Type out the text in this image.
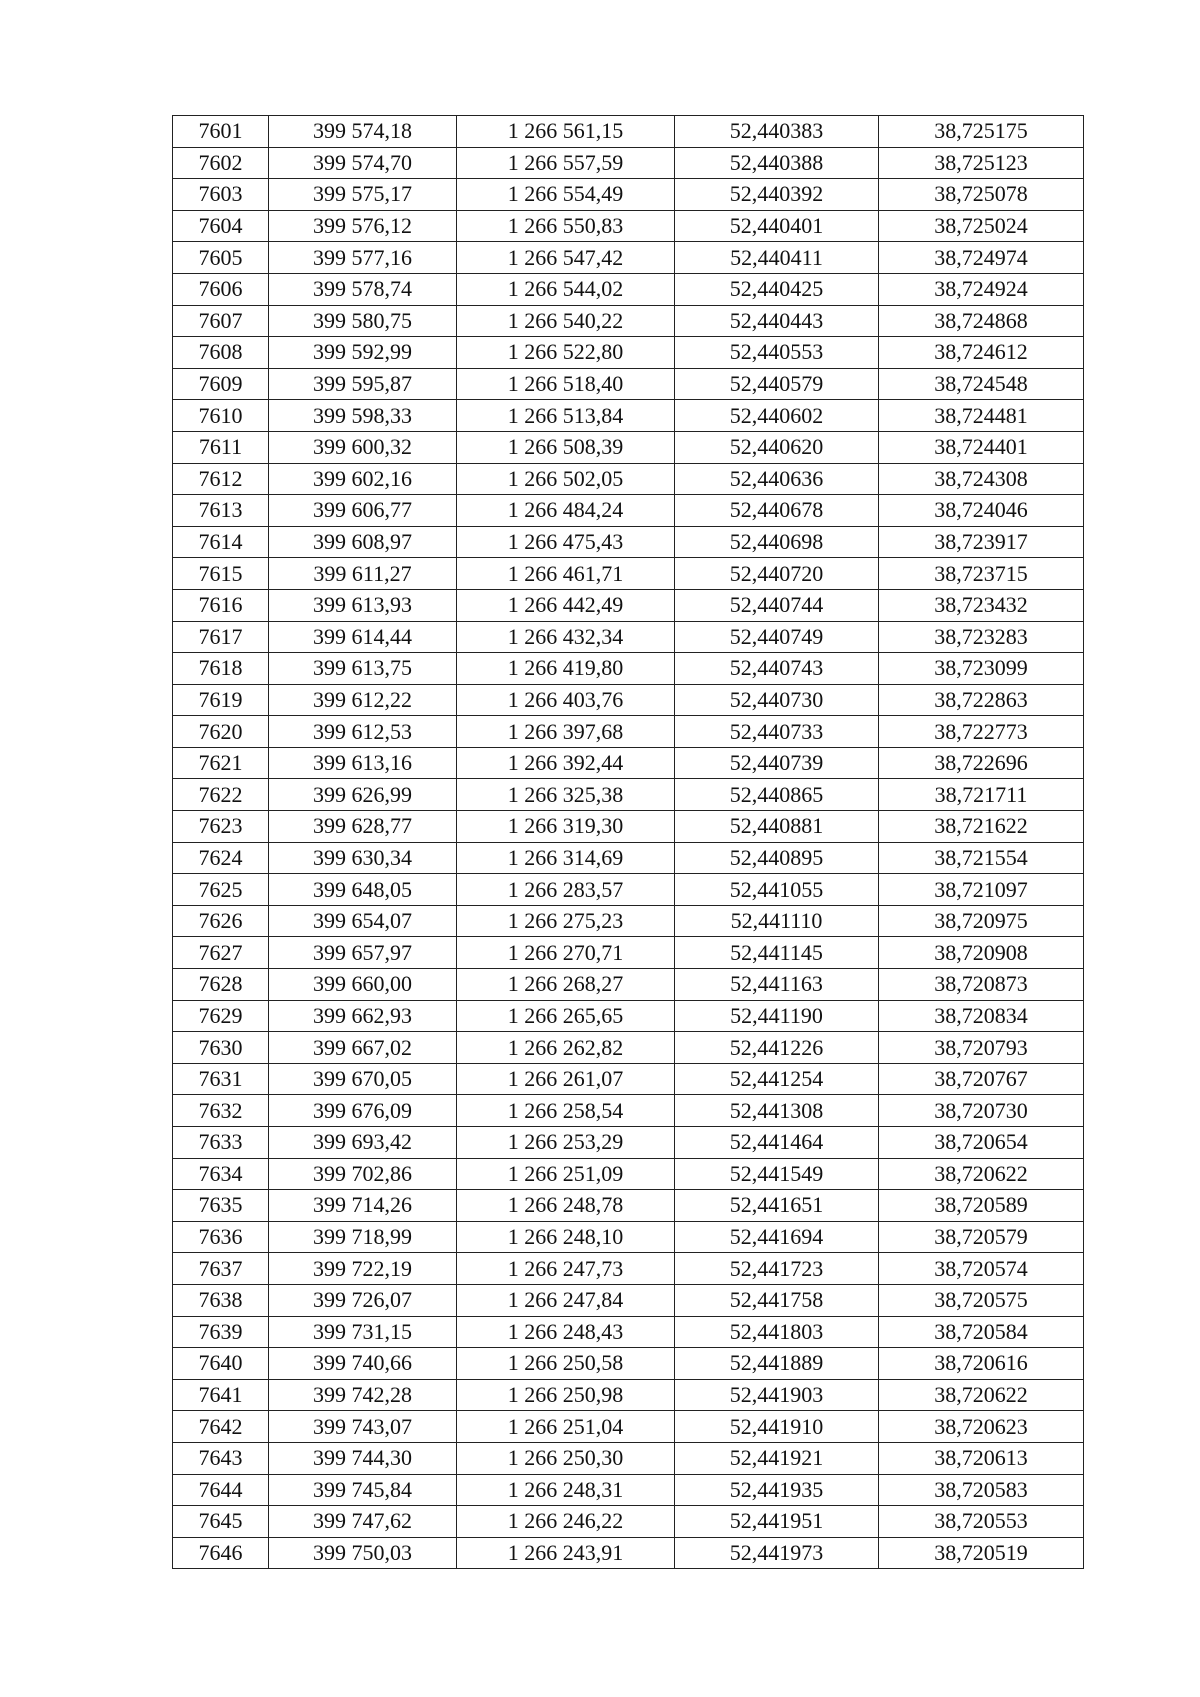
7601	399 574,18	1 266 561,15	52,440383	38,725175
7602	399 574,70	1 266 557,59	52,440388	38,725123
7603	399 575,17	1 266 554,49	52,440392	38,725078
7604	399 576,12	1 266 550,83	52,440401	38,725024
7605	399 577,16	1 266 547,42	52,440411	38,724974
7606	399 578,74	1 266 544,02	52,440425	38,724924
7607	399 580,75	1 266 540,22	52,440443	38,724868
7608	399 592,99	1 266 522,80	52,440553	38,724612
7609	399 595,87	1 266 518,40	52,440579	38,724548
7610	399 598,33	1 266 513,84	52,440602	38,724481
7611	399 600,32	1 266 508,39	52,440620	38,724401
7612	399 602,16	1 266 502,05	52,440636	38,724308
7613	399 606,77	1 266 484,24	52,440678	38,724046
7614	399 608,97	1 266 475,43	52,440698	38,723917
7615	399 611,27	1 266 461,71	52,440720	38,723715
7616	399 613,93	1 266 442,49	52,440744	38,723432
7617	399 614,44	1 266 432,34	52,440749	38,723283
7618	399 613,75	1 266 419,80	52,440743	38,723099
7619	399 612,22	1 266 403,76	52,440730	38,722863
7620	399 612,53	1 266 397,68	52,440733	38,722773
7621	399 613,16	1 266 392,44	52,440739	38,722696
7622	399 626,99	1 266 325,38	52,440865	38,721711
7623	399 628,77	1 266 319,30	52,440881	38,721622
7624	399 630,34	1 266 314,69	52,440895	38,721554
7625	399 648,05	1 266 283,57	52,441055	38,721097
7626	399 654,07	1 266 275,23	52,441110	38,720975
7627	399 657,97	1 266 270,71	52,441145	38,720908
7628	399 660,00	1 266 268,27	52,441163	38,720873
7629	399 662,93	1 266 265,65	52,441190	38,720834
7630	399 667,02	1 266 262,82	52,441226	38,720793
7631	399 670,05	1 266 261,07	52,441254	38,720767
7632	399 676,09	1 266 258,54	52,441308	38,720730
7633	399 693,42	1 266 253,29	52,441464	38,720654
7634	399 702,86	1 266 251,09	52,441549	38,720622
7635	399 714,26	1 266 248,78	52,441651	38,720589
7636	399 718,99	1 266 248,10	52,441694	38,720579
7637	399 722,19	1 266 247,73	52,441723	38,720574
7638	399 726,07	1 266 247,84	52,441758	38,720575
7639	399 731,15	1 266 248,43	52,441803	38,720584
7640	399 740,66	1 266 250,58	52,441889	38,720616
7641	399 742,28	1 266 250,98	52,441903	38,720622
7642	399 743,07	1 266 251,04	52,441910	38,720623
7643	399 744,30	1 266 250,30	52,441921	38,720613
7644	399 745,84	1 266 248,31	52,441935	38,720583
7645	399 747,62	1 266 246,22	52,441951	38,720553
7646	399 750,03	1 266 243,91	52,441973	38,720519
